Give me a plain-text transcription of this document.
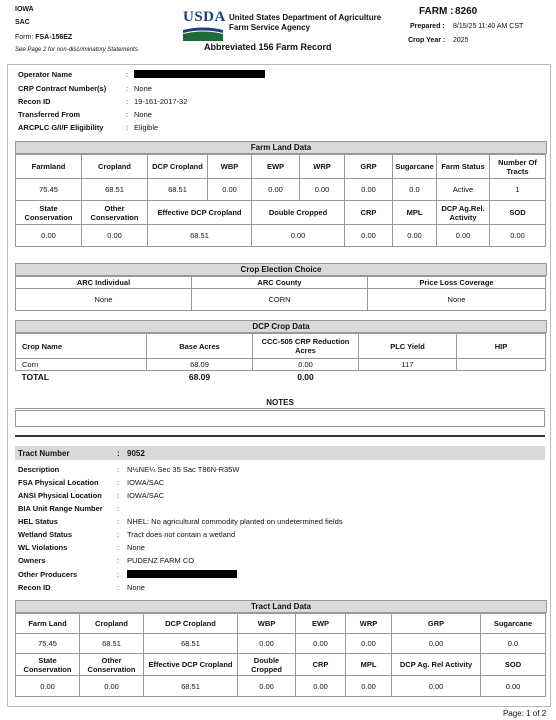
IOWA
SAC
Form: FSA-156EZ
See Page 2 for non-discriminatory Statements.
USDA United States Department of Agriculture
Farm Service Agency
Abbreviated 156 Farm Record
FARM : 8260
Prepared : 8/15/25 11:40 AM CST
Crop Year : 2025
Operator Name	:
CRP Contract Number(s)	: None
Recon ID	: 19-161-2017-32
Transferred From	: None
ARCPLC G/I/F Eligibility	: Eligible
Farm Land Data
Farmland	Cropland	DCP Cropland	WBP	EWP	WRP	GRP	Sugarcane	Farm Status	Number Of Tracts
75.45	68.51	68.51	0.00	0.00	0.00	0.00	0.0	Active	1
State Conservation	Other Conservation	Effective DCP Cropland		Double Cropped		CRP	MPL	DCP Ag.Rel. Activity	SOD
0.00	0.00	68.51		0.00		0.00	0.00	0.00	0.00
Crop Election Choice
ARC Individual	ARC County	Price Loss Coverage
None	CORN	None
DCP Crop Data
Crop Name	Base Acres	CCC-505 CRP Reduction Acres	PLC Yield	HIP
Corn	68.09	0.00	117	
TOTAL	68.09	0.00		
NOTES
Tract Number	: 9052
Description	: N½NE¼ Sec 35 Sac T86N-R35W
FSA Physical Location : IOWA/SAC
ANSI Physical Location : IOWA/SAC
BIA Unit Range Number :
HEL Status	: NHEL: No agricultural commodity planted on undetermined fields
Wetland Status	: Tract does not contain a wetland
WL Violations	: None
Owners	: PUDENZ FARM CO
Other Producers	:
Recon ID	: None
Tract Land Data
Farm Land	Cropland	DCP Cropland	WBP	EWP	WRP	GRP	Sugarcane
75.45	68.51	68.51	0.00	0.00	0.00	0.00	0.0
State Conservation	Other Conservation	Effective DCP Cropland	Double Cropped	CRP	MPL	DCP Ag. Rel Activity	SOD
0.00	0.00	68.51	0.00	0.00	0.00	0.00	0.00
Page: 1 of 2
